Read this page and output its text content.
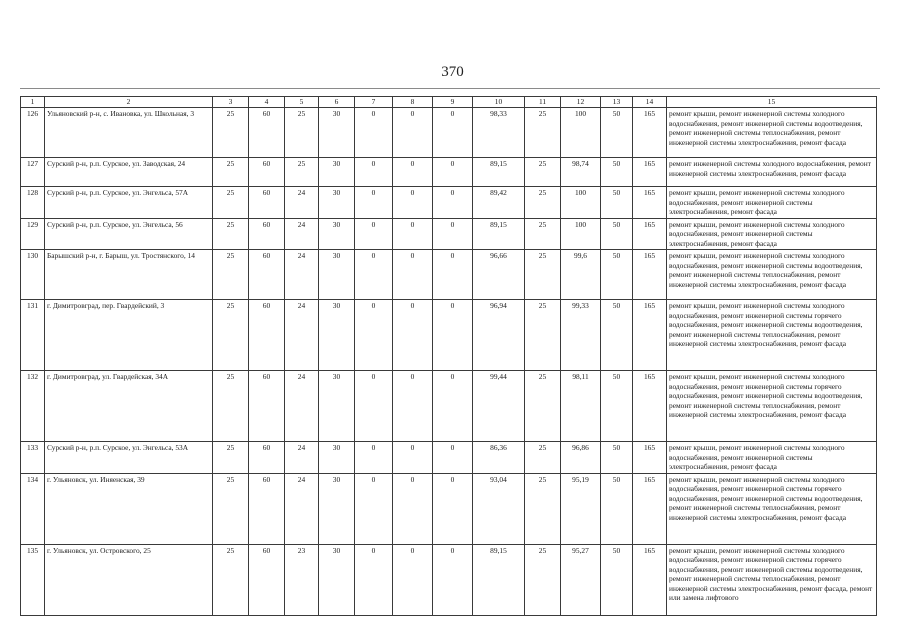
370
1	2	3	4	5	6	7	8	9	10	11	12	13	14	15
126	Ульяновский р-н, с. Ивановка, ул. Школьная, 3	25	60	25	30	0	0	0	98,33	25	100	50	165	ремонт крыши, ремонт инженерной системы холодного водоснабжения, ремонт инженерной системы водоотведения, ремонт инженерной системы теплоснабжения, ремонт инженерной системы электроснабжения, ремонт фасада
127	Сурский р-н, р.п. Сурское, ул. Заводская, 24	25	60	25	30	0	0	0	89,15	25	98,74	50	165	ремонт инженерной системы холодного водоснабжения, ремонт инженерной системы электроснабжения, ремонт фасада
128	Сурский р-н, р.п. Сурское, ул. Энгельса, 57А	25	60	24	30	0	0	0	89,42	25	100	50	165	ремонт крыши, ремонт инженерной системы холодного водоснабжения, ремонт инженерной системы электроснабжения, ремонт фасада
129	Сурский р-н, р.п. Сурское, ул. Энгельса, 56	25	60	24	30	0	0	0	89,15	25	100	50	165	ремонт крыши, ремонт инженерной системы холодного водоснабжения, ремонт инженерной системы электроснабжения, ремонт фасада
130	Барышский р-н, г. Барыш, ул. Тростянского, 14	25	60	24	30	0	0	0	96,66	25	99,6	50	165	ремонт крыши, ремонт инженерной системы холодного водоснабжения, ремонт инженерной системы водоотведения, ремонт инженерной системы теплоснабжения, ремонт инженерной системы электроснабжения, ремонт фасада
131	г. Димитровград, пер. Гвардейский, 3	25	60	24	30	0	0	0	96,94	25	99,33	50	165	ремонт крыши, ремонт инженерной системы холодного водоснабжения, ремонт инженерной системы горячего водоснабжения, ремонт инженерной системы водоотведения, ремонт инженерной системы теплоснабжения, ремонт инженерной системы электроснабжения, ремонт фасада
132	г. Димитровград, ул. Гвардейская, 34А	25	60	24	30	0	0	0	99,44	25	98,11	50	165	ремонт крыши, ремонт инженерной системы холодного водоснабжения, ремонт инженерной системы горячего водоснабжения, ремонт инженерной системы водоотведения, ремонт инженерной системы теплоснабжения, ремонт инженерной системы электроснабжения, ремонт фасада
133	Сурский р-н, р.п. Сурское, ул. Энгельса, 53А	25	60	24	30	0	0	0	86,36	25	96,86	50	165	ремонт крыши, ремонт инженерной системы холодного водоснабжения, ремонт инженерной системы электроснабжения, ремонт фасада
134	г. Ульяновск, ул. Иняенская, 39	25	60	24	30	0	0	0	93,04	25	95,19	50	165	ремонт крыши, ремонт инженерной системы холодного водоснабжения, ремонт инженерной системы горячего водоснабжения, ремонт инженерной системы водоотведения, ремонт инженерной системы теплоснабжения, ремонт инженерной системы электроснабжения, ремонт фасада
135	г. Ульяновск, ул. Островского, 25	25	60	23	30	0	0	0	89,15	25	95,27	50	165	ремонт крыши, ремонт инженерной системы холодного водоснабжения, ремонт инженерной системы горячего водоснабжения, ремонт инженерной системы водоотведения, ремонт инженерной системы теплоснабжения, ремонт инженерной системы электроснабжения, ремонт фасада, ремонт или замена лифтового
